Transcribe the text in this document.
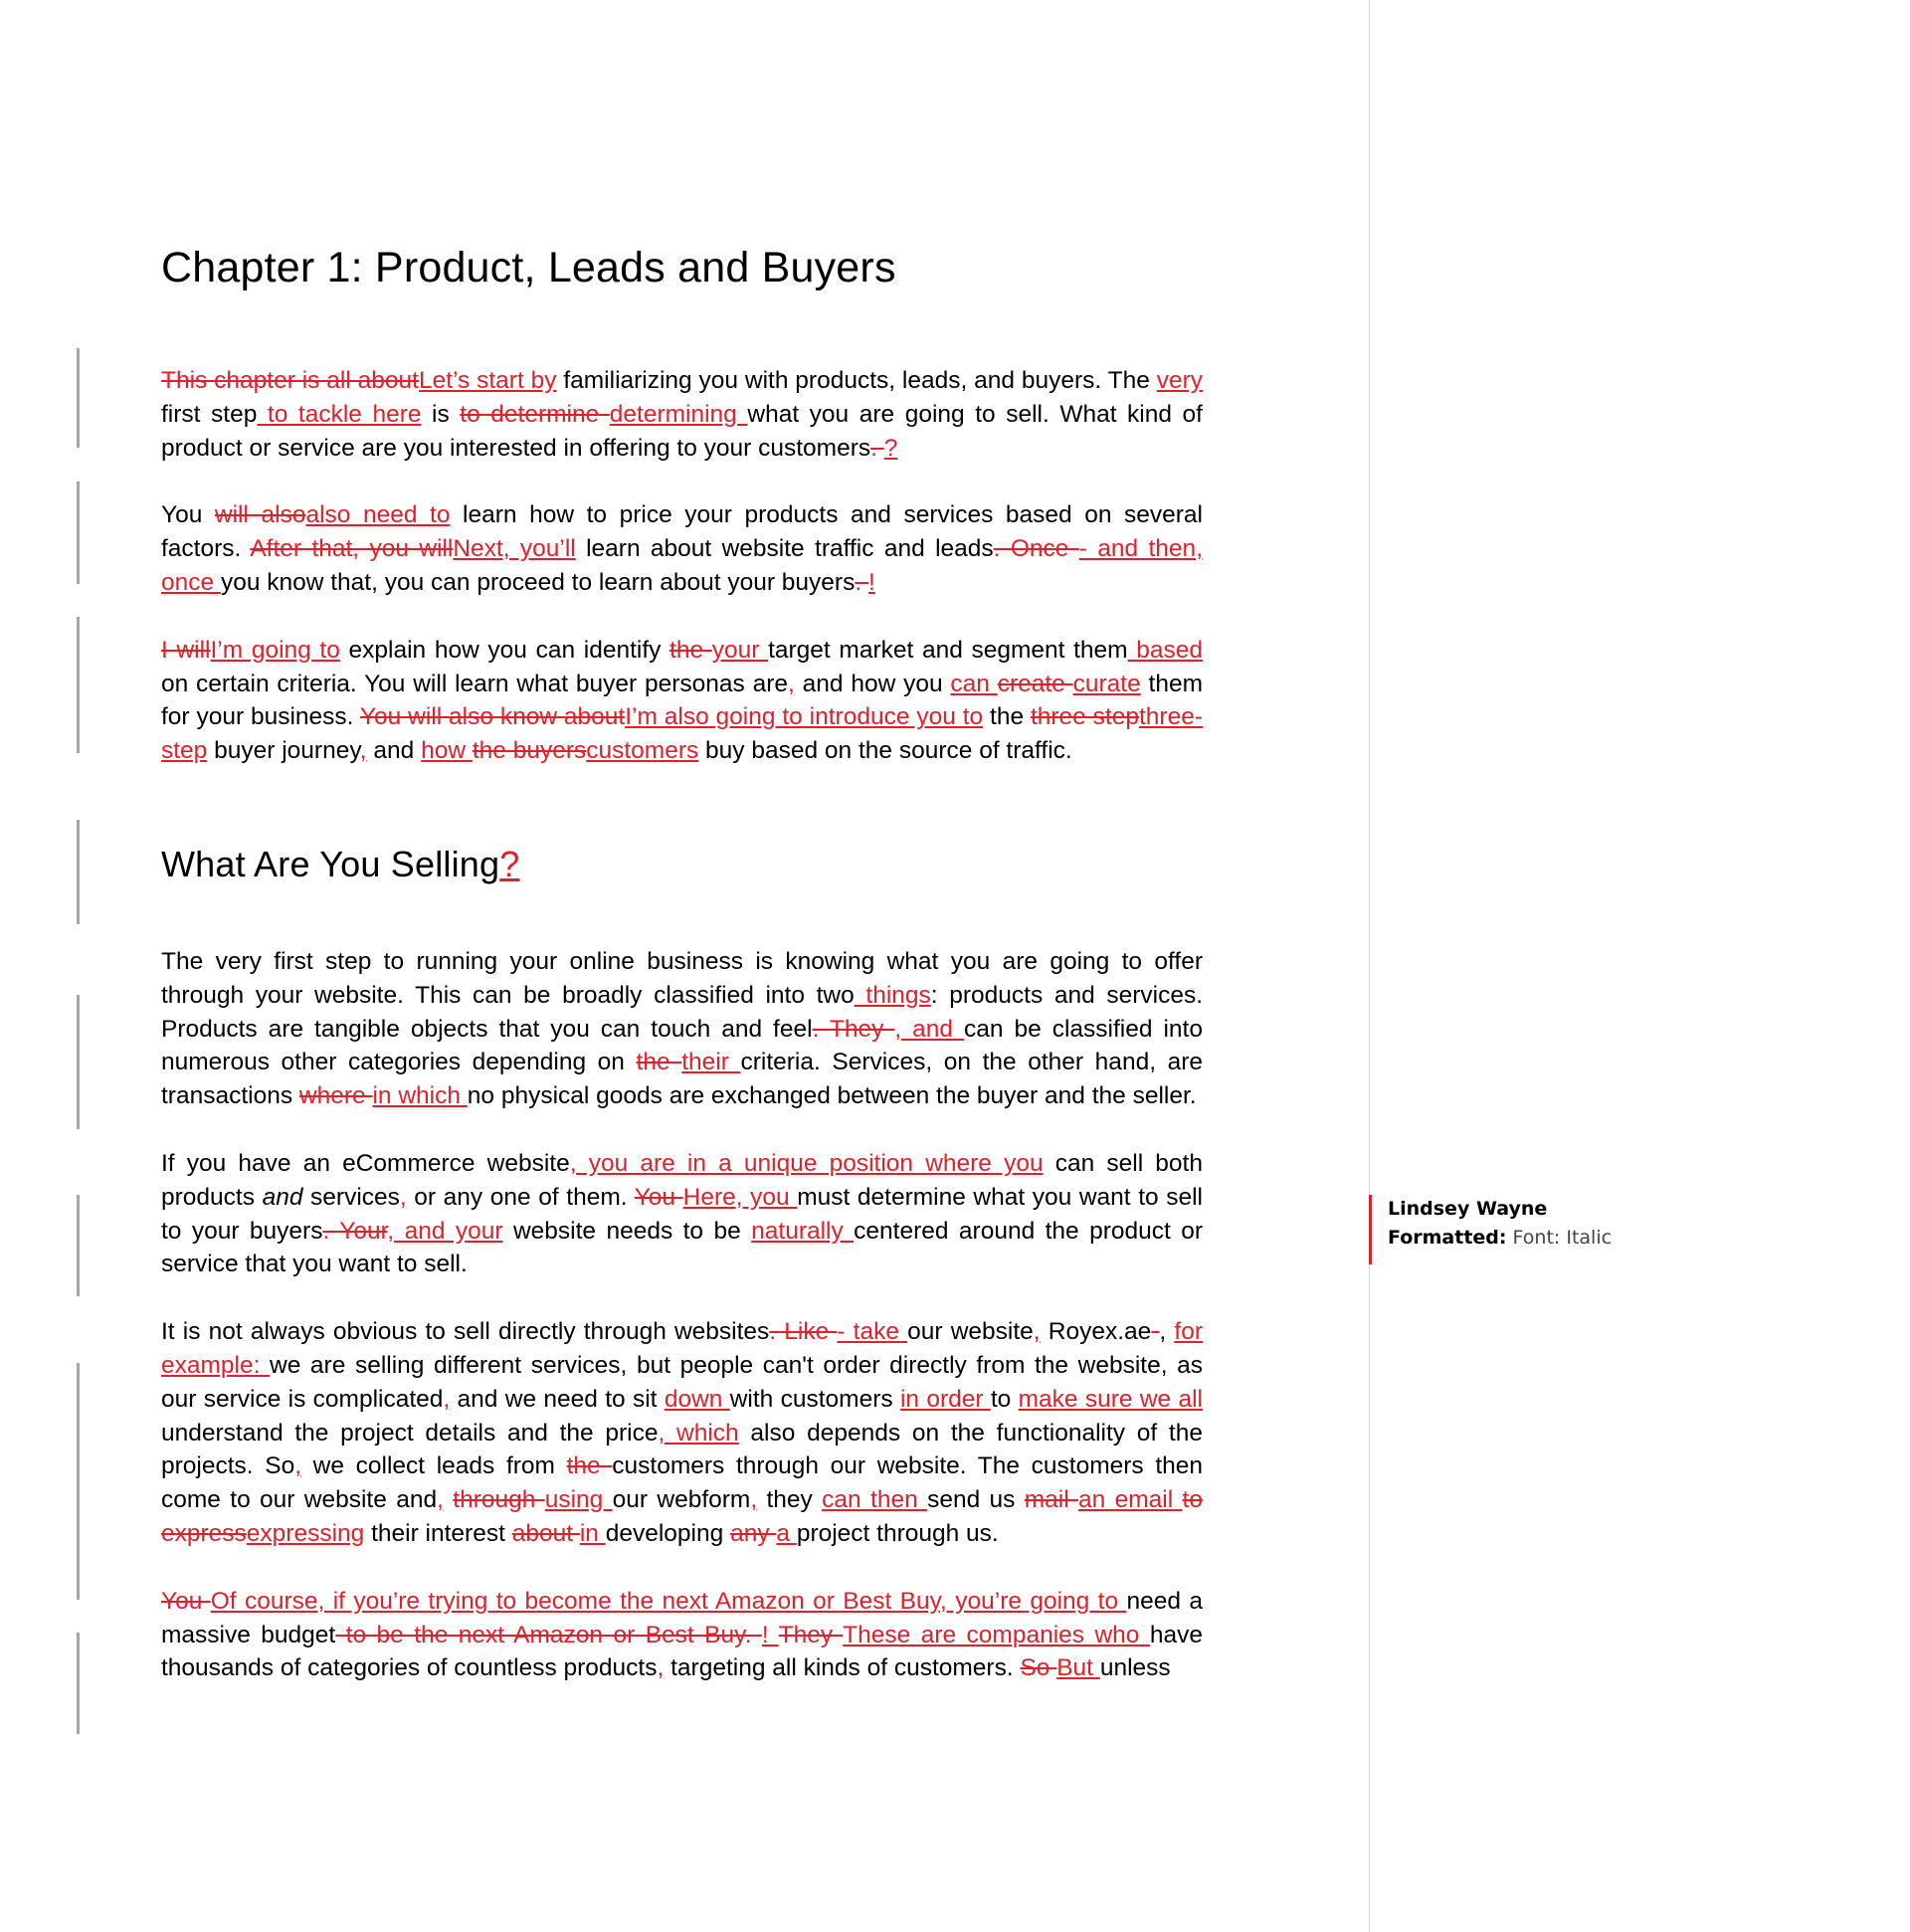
Chapter 1: Product, Leads and Buyers

This chapter is all aboutLet’s start by familiarizing you with products, leads, and buyers. The very first step to tackle here is to determine determining what you are going to sell. What kind of product or service are you interested in offering to your customers. ?

You will alsoalso need to learn how to price your products and services based on several factors. After that, you willNext, you’ll learn about website traffic and leads. Once - and then, once you know that, you can proceed to learn about your buyers. !

I willI’m going to explain how you can identify the your target market and segment them based on certain criteria. You will learn what buyer personas are, and how you can create curate them for your business. You will also know aboutI’m also going to introduce you to the three stepthree-step buyer journey, and how the buyerscustomers buy based on the source of traffic.

What Are You Selling?

The very first step to running your online business is knowing what you are going to offer through your website. This can be broadly classified into two things: products and services. Products are tangible objects that you can touch and feel. They , and can be classified into numerous other categories depending on the their criteria. Services, on the other hand, are transactions where in which no physical goods are exchanged between the buyer and the seller.

If you have an eCommerce website, you are in a unique position where you can sell both products and services, or any one of them. You Here, you must determine what you want to sell to your buyers. Your, and your website needs to be naturally centered around the product or service that you want to sell.

It is not always obvious to sell directly through websites. Like - take our website, Royex.ae , for example: we are selling different services, but people can't order directly from the website, as our service is complicated, and we need to sit down with customers in order to make sure we all understand the project details and the price, which also depends on the functionality of the projects. So, we collect leads from the customers through our website. The customers then come to our website and, through using our webform, they can then send us mail an email to expressexpressing their interest about in developing any a project through us.

You Of course, if you’re trying to become the next Amazon or Best Buy, you’re going to need a massive budget to be the next Amazon or Best Buy. ! They These are companies who have thousands of categories of countless products, targeting all kinds of customers. So But unless

Lindsey Wayne
Formatted: Font: Italic
